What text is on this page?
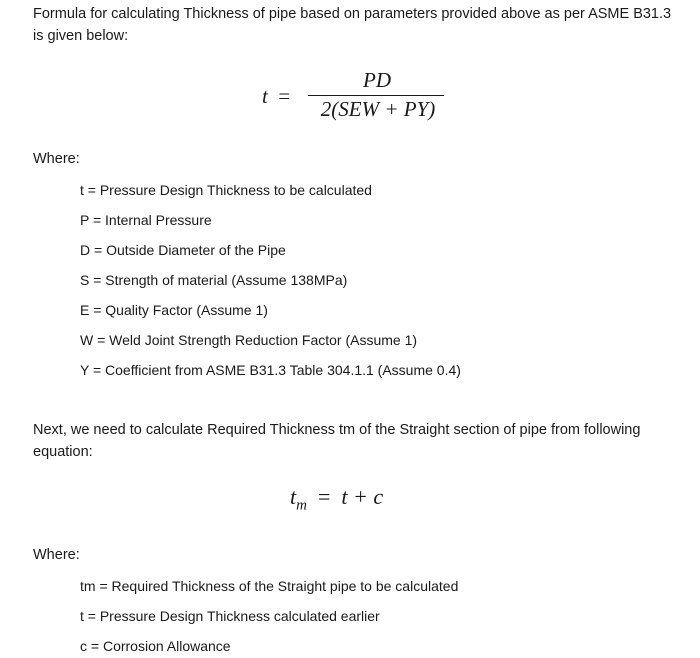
Formula for calculating Thickness of pipe based on parameters provided above as per ASME B31.3
is given below:
t =
PD
2(SEW + PY)
Where:
t = Pressure Design Thickness to be calculated
P = Internal Pressure
D = Outside Diameter of the Pipe
S = Strength of material (Assume 138MPa)
E = Quality Factor (Assume 1)
W = Weld Joint Strength Reduction Factor (Assume 1)
Y = Coefficient from ASME B31.3 Table 304.1.1 (Assume 0.4)
Next, we need to calculate Required Thickness tm of the Straight section of pipe from following
equation:
$t_m = t + c$
Where:
tm = Required Thickness of the Straight pipe to be calculated
t = Pressure Design Thickness calculated earlier
c = Corrosion Allowance
